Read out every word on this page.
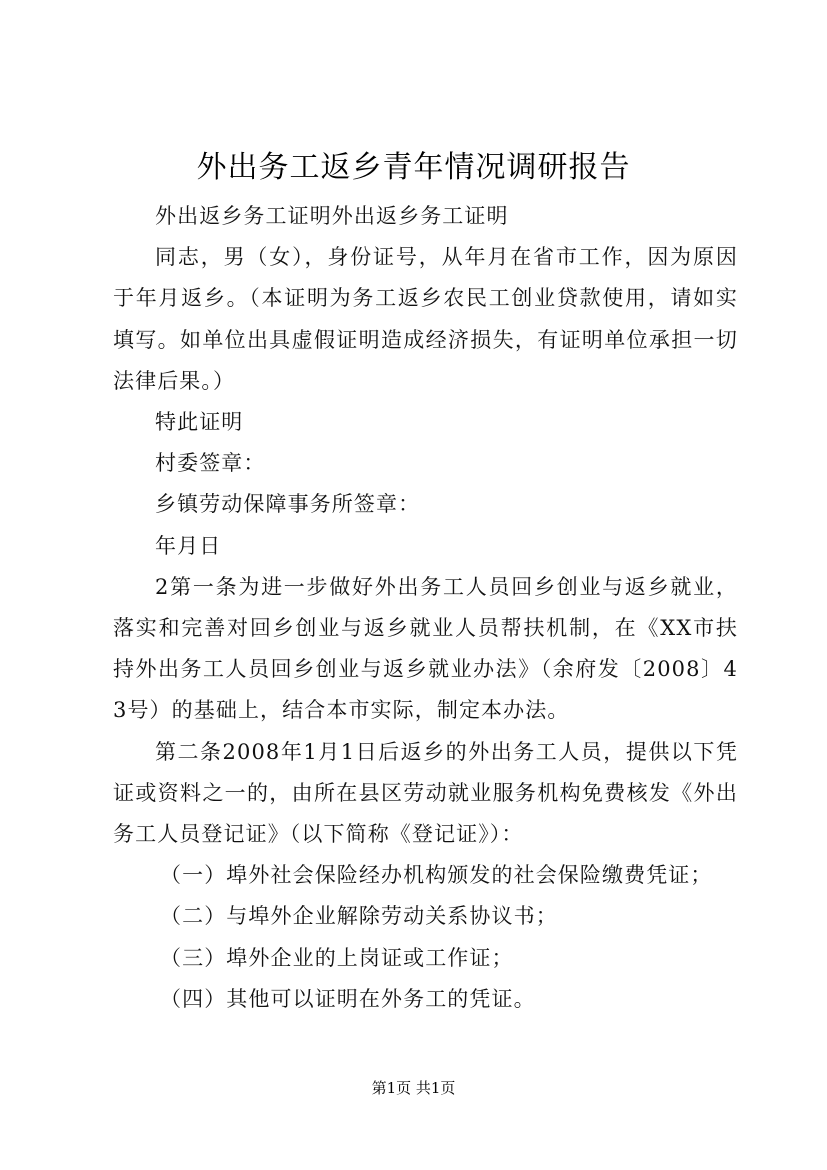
外出务工返乡青年情况调研报告

外出返乡务工证明外出返乡务工证明

同志，男（女），身份证号，从年月在省市工作，因为原因于年月返乡。（本证明为务工返乡农民工创业贷款使用，请如实填写。如单位出具虚假证明造成经济损失，有证明单位承担一切法律后果。）

特此证明

村委签章：

乡镇劳动保障事务所签章：

年月日

2第一条为进一步做好外出务工人员回乡创业与返乡就业，落实和完善对回乡创业与返乡就业人员帮扶机制，在《XX市扶持外出务工人员回乡创业与返乡就业办法》（余府发〔2008〕43号）的基础上，结合本市实际，制定本办法。

第二条2008年1月1日后返乡的外出务工人员，提供以下凭证或资料之一的，由所在县区劳动就业服务机构免费核发《外出务工人员登记证》（以下简称《登记证》）：

（一）埠外社会保险经办机构颁发的社会保险缴费凭证；

（二）与埠外企业解除劳动关系协议书；

（三）埠外企业的上岗证或工作证；

（四）其他可以证明在外务工的凭证。

第1页 共1页
